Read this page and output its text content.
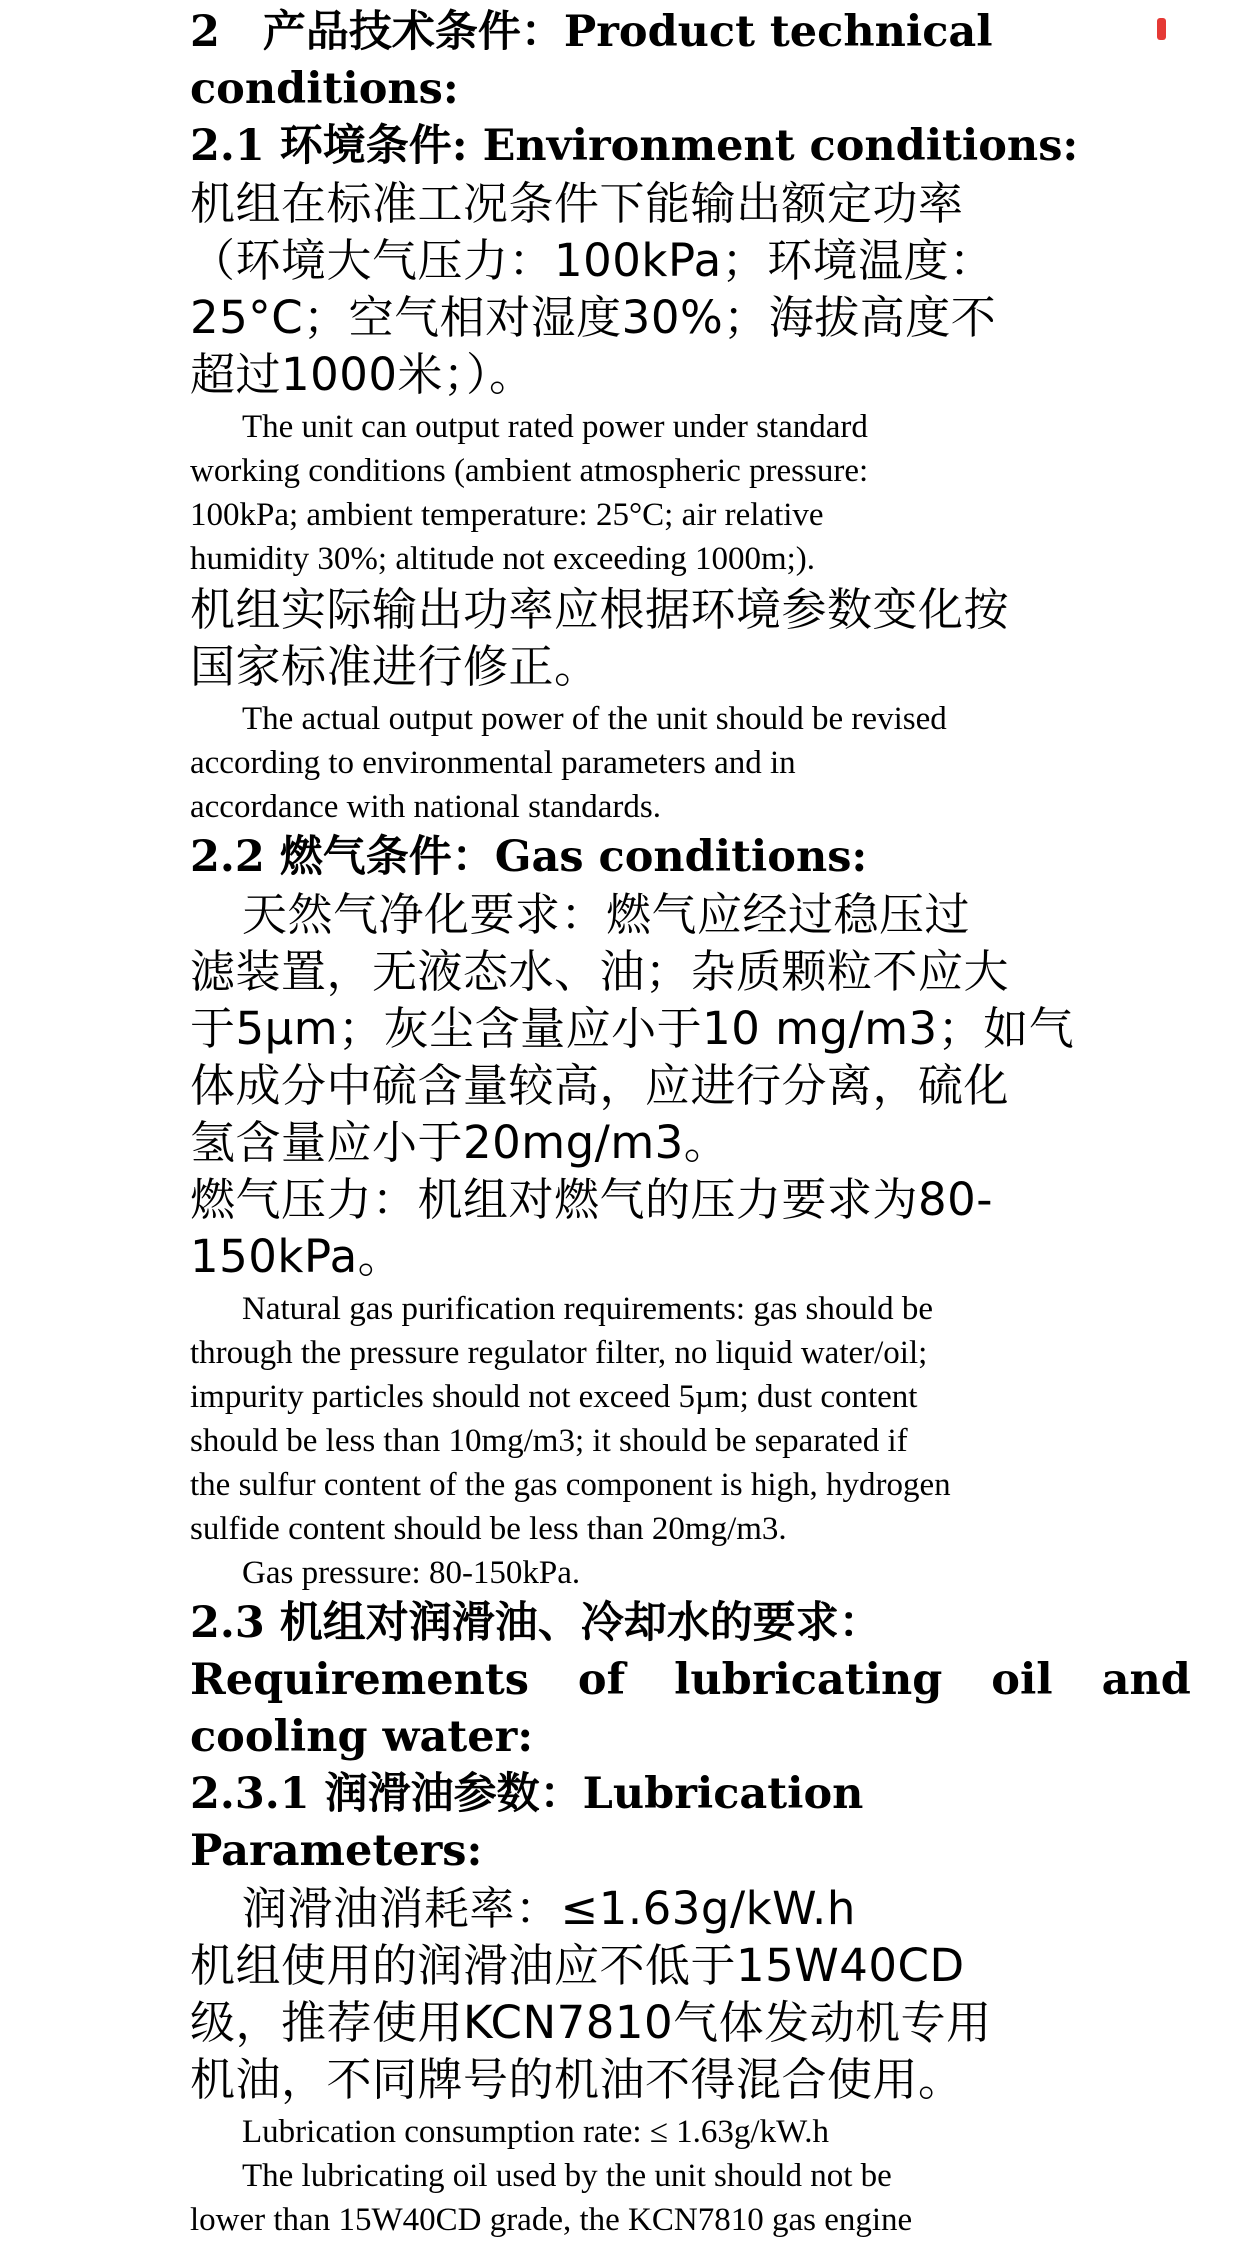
2　产品技术条件：Product technical

conditions:

2.1 环境条件: Environment conditions:

机组在标准工况条件下能输出额定功率
（环境大气压力：100kPa；环境温度：
25°C；空气相对湿度30%；海拔高度不
超过1000米；）。

The unit can output rated power under standard
working conditions (ambient atmospheric pressure:
100kPa; ambient temperature: 25°C; air relative
humidity 30%; altitude not exceeding 1000m;).

机组实际输出功率应根据环境参数变化按
国家标准进行修正。

The actual output power of the unit should be revised
according to environmental parameters and in
accordance with national standards.

2.2 燃气条件：Gas conditions:

天然气净化要求：燃气应经过稳压过
滤装置，无液态水、油；杂质颗粒不应大
于5µm；灰尘含量应小于10 mg/m3；如气
体成分中硫含量较高，应进行分离，硫化
氢含量应小于20mg/m3。

燃气压力：机组对燃气的压力要求为80-
150kPa。

Natural gas purification requirements: gas should be
through the pressure regulator filter, no liquid water/oil;
impurity particles should not exceed 5µm; dust content
should be less than 10mg/m3; it should be separated if
the sulfur content of the gas component is high, hydrogen
sulfide content should be less than 20mg/m3.
Gas pressure: 80-150kPa.

2.3 机组对润滑油、冷却水的要求：

Requirements of lubricating oil and

cooling water:

2.3.1 润滑油参数：Lubrication

Parameters:

润滑油消耗率：≤1.63g/kW.h

机组使用的润滑油应不低于15W40CD
级，推荐使用KCN7810气体发动机专用
机油，不同牌号的机油不得混合使用。

Lubrication consumption rate: ≤ 1.63g/kW.h
The lubricating oil used by the unit should not be
lower than 15W40CD grade, the KCN7810 gas engine
